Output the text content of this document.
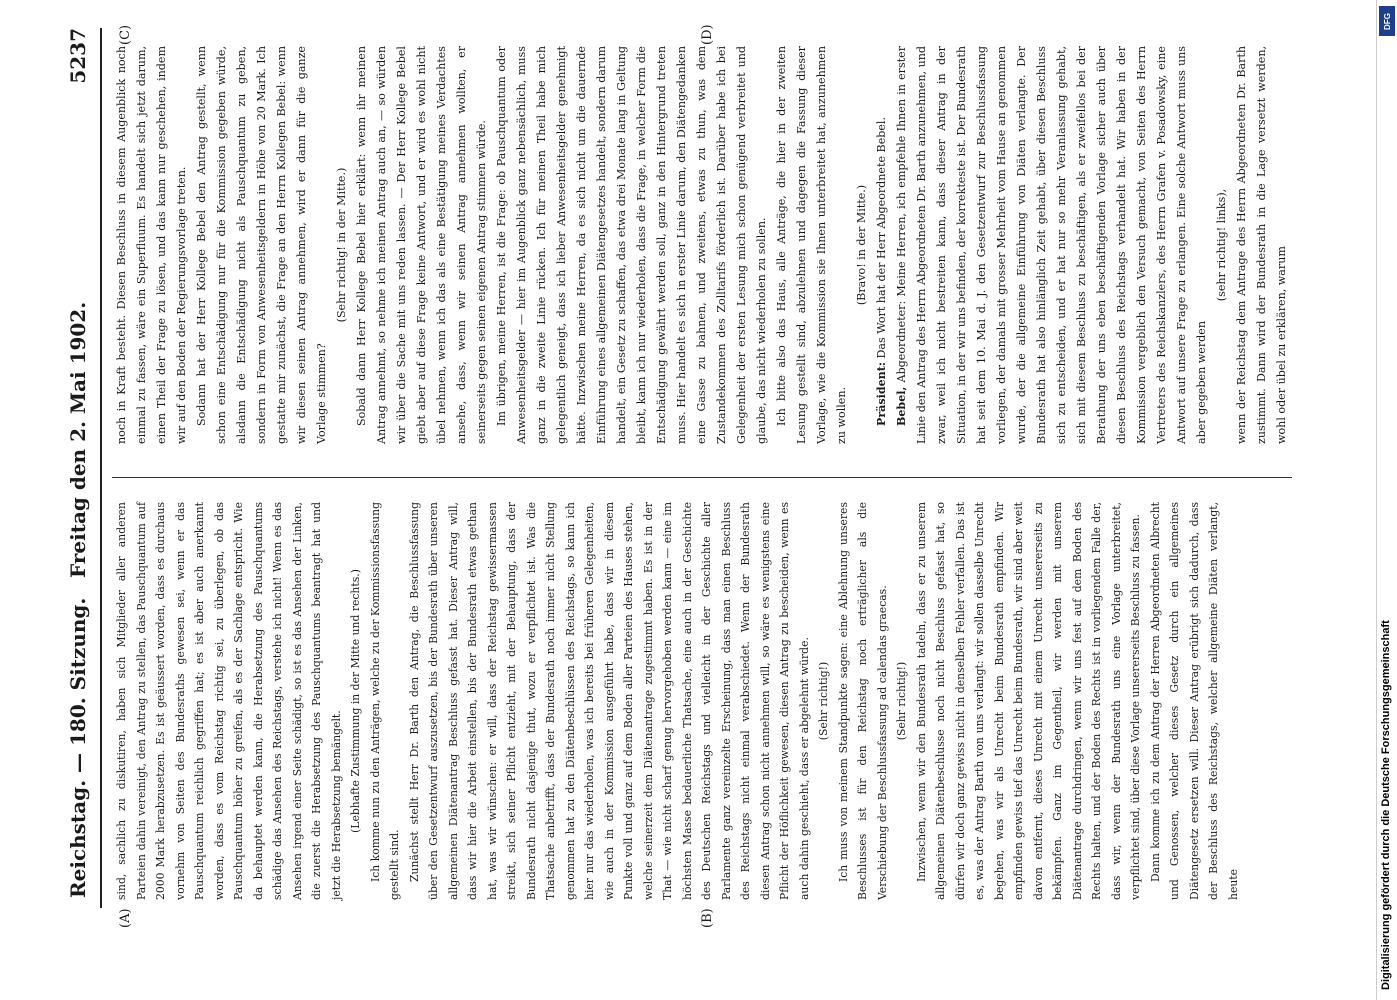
Reichstag. — 180. Sitzung.
Freitag den 2. Mai 1902.
5237
(A)	(B)
(C)	(D)

sind, sachlich zu diskutiren, haben sich Mitglieder aller anderen Parteien dahin vereinigt, den Antrag zu stellen, das Pauschquantum auf 2000 Mark herabzusetzen. Es ist geäussert worden, dass es durchaus vornehm von Seiten des Bundesraths gewesen sei, wenn er das Pauschquantum reichlich gegriffen hat; es ist aber auch anerkannt worden, dass es vom Reichstag richtig sei, zu überlegen, ob das Pauschquantum höher zu greifen, als es der Sachlage entspricht. Wie da behauptet werden kann, die Herabsetzung des Pauschquantums schädige das Ansehen des Reichstags, verstehe ich nicht! Wenn es das Ansehen irgend einer Seite schädigt, so ist es das Ansehen der Linken, die zuerst die Herabsetzung des Pauschquantums beantragt hat und jetzt die Herabsetzung bemängelt. (Lebhafte Zustimmung in der Mitte und rechts.) Ich komme nun zu den Anträgen, welche zu der Kommissionsfassung gestellt sind. Zunächst stellt Herr Dr. Barth den Antrag, die Beschlussfassung über den Gesetzentwurf auszusetzen, bis der Bundesrath über unseren allgemeinen Diätenantrag Beschluss gefasst hat. Dieser Antrag will, dass wir hier die Arbeit einstellen, bis der Bundesrath etwas gethan hat, was wir wünschen: er will, dass der Reichstag gewissermassen streikt, sich seiner Pflicht entzieht, mit der Behauptung, dass der Bundesrath nicht dasjenige thut, wozu er verpflichtet ist. Was die Thatsache anbetrifft, dass der Bundesrath noch immer nicht Stellung genommen hat zu den Diätenbeschlüssen des Reichstags, so kann ich hier nur das wiederholen, was ich bereits bei früheren Gelegenheiten, wie auch in der Kommission ausgeführt habe, dass wir in diesem Punkte voll und ganz auf dem Boden aller Parteien des Hauses stehen, welche seinerzeit dem Diätenantrage zugestimmt haben. Es ist in der That — wie nicht scharf genug hervorgehoben werden kann — eine im höchsten Masse bedauerliche Thatsache, eine auch in der Geschichte des Deutschen Reichstags und vielleicht in der Geschichte aller Parlamente ganz vereinzelte Erscheinung, dass man einen Beschluss des Reichstags nicht einmal verabschiedet. Wenn der Bundesrath diesen Antrag schon nicht annehmen will, so wäre es wenigstens eine Pflicht der Höflichkeit gewesen, diesen Antrag zu bescheiden, wenn es auch dahin geschieht, dass er abgelehnt würde. (Sehr richtig!) Ich muss von meinem Standpunkte sagen: eine Ablehnung unseres Beschlusses ist für den Reichstag noch erträglicher als die Verschiebung der Beschlussfassung ad calendas graecas. (Sehr richtig!) Inzwischen, wenn wir den Bundesrath tadeln, dass er zu unserem allgemeinen Diätenbeschlusse noch nicht Beschluss gefasst hat, so dürfen wir doch ganz gewiss nicht in denselben Fehler verfallen. Das ist es, was der Antrag Barth von uns verlangt: wir sollen dasselbe Unrecht begehen, was wir als Unrecht beim Bundesrath empfinden. Wir empfinden gewiss tief das Unrecht beim Bundesrath, wir sind aber weit davon entfernt, dieses Unrecht mit einem Unrecht unsererseits zu bekämpfen. Ganz im Gegentheil, wir werden mit unserem Diätenantrage durchdringen, wenn wir uns fest auf dem Boden des Rechts halten, und der Boden des Rechts ist in vorliegendem Falle der, dass wir, wenn der Bundesrath uns eine Vorlage unterbreitet, verpflichtet sind, über diese Vorlage unsererseits Beschluss zu fassen. Dann komme ich zu dem Antrag der Herren Abgeordneten Albrecht und Genossen, welcher dieses Gesetz durch ein allgemeines Diätengesetz ersetzen will. Dieser Antrag erübrigt sich dadurch, dass der Beschluss des Reichstags, welcher allgemeine Diäten verlangt, heute

noch in Kraft besteht. Diesen Beschluss in diesem Augenblick noch einmal zu fassen, wäre ein Superfluum. Es handelt sich jetzt darum, einen Theil der Frage zu lösen, und das kann nur geschehen, indem wir auf den Boden der Regierungsvorlage treten. Sodann hat der Herr Kollege Bebel den Antrag gestellt, wenn schon eine Entschädigung nur für die Kommission gegeben würde, alsdann die Entschädigung nicht als Pauschquantum zu geben, sondern in Form von Anwesenheitsgeldern in Höhe von 20 Mark. Ich gestatte mir zunächst, die Frage an den Herrn Kollegen Bebel: wenn wir diesen seinen Antrag annehmen, wird er dann für die ganze Vorlage stimmen?

(Sehr richtig! in der Mitte.) Sobald dann Herr Kollege Bebel hier erklärt: wenn ihr meinen Antrag annehmt, so nehme ich meinen Antrag auch an, — so würden wir über die Sache mit uns reden lassen. — Der Herr Kollege Bebel giebt aber auf diese Frage keine Antwort, und er wird es wohl nicht übel nehmen, wenn ich das als eine Bestätigung meines Verdachtes ansehe, dass, wenn wir seinen Antrag annehmen wollten, er seinerseits gegen seinen eigenen Antrag stimmen würde. Im übrigen, meine Herren, ist die Frage: ob Pauschquantum oder Anwesenheitsgelder — hier im Augenblick ganz nebensächlich, muss ganz in die zweite Linie rücken. Ich für meinen Theil habe mich gelegentlich geneigt, dass ich lieber Anwesenheitsgelder genehmigt hätte. Inzwischen meine Herren, da es sich nicht um die dauernde Einführung eines allgemeinen Diätengesetzes handelt, sondern darum handelt, ein Gesetz zu schaffen, das etwa drei Monate lang in Geltung bleibt, kann ich nur wiederholen, dass die Frage, in welcher Form die Entschädigung gewährt werden soll, ganz in den Hintergrund treten muss. Hier handelt es sich in erster Linie darum, den Diätengedanken eine Gasse zu bahnen, und zweitens, etwas zu thun, was dem Zustandekommen des Zolltarifs förderlich ist. Darüber habe ich bei Gelegenheit der ersten Lesung mich schon genügend verbreitet und glaube, das nicht wiederholen zu sollen. Ich bitte also das Haus, alle Anträge, die hier in der zweiten Lesung gestellt sind, abzulehnen und dagegen die Fassung dieser Vorlage, wie die Kommission sie Ihnen unterbreitet hat, anzunehmen zu wollen.

(Bravo! in der Mitte.)

Präsident: Das Wort hat der Herr Abgeordnete Bebel.

Bebel, Abgeordneter: Meine Herren, ich empfehle Ihnen in erster Linie den Antrag des Herrn Abgeordneten Dr. Barth anzunehmen, und zwar, weil ich nicht bestreiten kann, dass dieser Antrag in der Situation, in der wir uns befinden, der korrekteste ist. Der Bundesrath hat seit dem 10. Mai d. J. den Gesetzentwurf zur Beschlussfassung vorliegen, der damals mit grosser Mehrheit vom Hause an genommen wurde, der die allgemeine Einführung von Diäten verlangte. Der Bundesrath hat also hinlänglich Zeit gehabt, über diesen Beschluss sich zu entscheiden, und er hat nur so mehr Veranlassung gehabt, sich mit diesem Beschluss zu beschäftigen, als er zweifellos bei der Berathung der uns eben beschäftigenden Vorlage sicher auch über diesen Beschluss des Reichstags verhandelt hat. Wir haben in der Kommission vergeblich den Versuch gemacht, von Seiten des Herrn Vertreters des Reichskanzlers, des Herrn Grafen v. Posadowsky, eine Antwort auf unsere Frage zu erlangen. Eine solche Antwort muss uns aber gegeben werden

(sehr richtig! links), wenn der Reichstag dem Antrage des Herrn Abgeordneten Dr. Barth zustimmt. Dann wird der Bundesrath in die Lage versetzt werden, wohl oder übel zu erklären, warum

Digitalisierung gefördert durch die Deutsche Forschungsgemeinschaft
DFG
